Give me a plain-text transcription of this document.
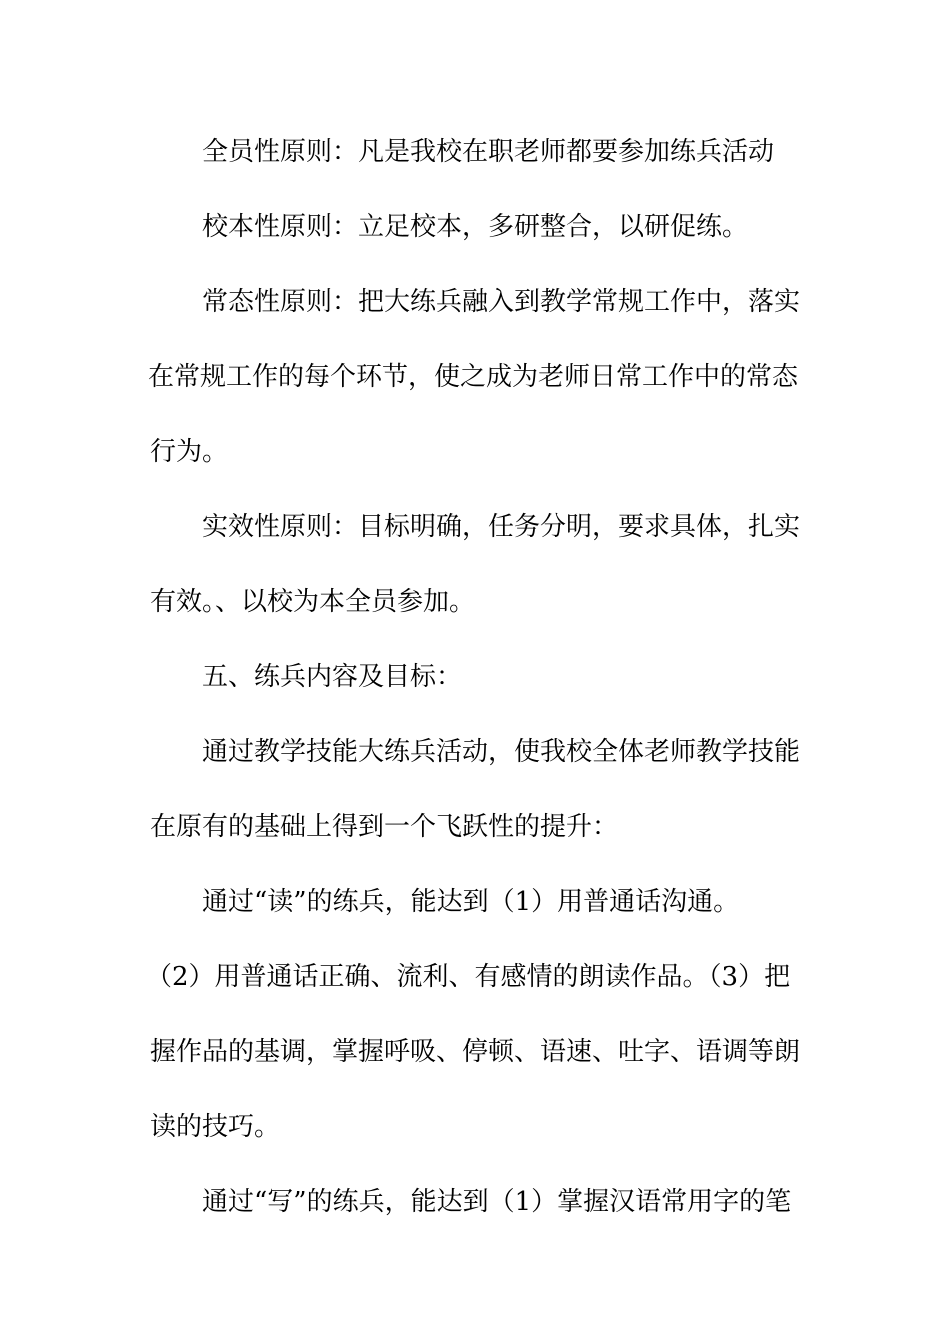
全员性原则：凡是我校在职老师都要参加练兵活动
校本性原则：立足校本，多研整合，以研促练。
常态性原则：把大练兵融入到教学常规工作中，落实
在常规工作的每个环节，使之成为老师日常工作中的常态
行为。
实效性原则：目标明确，任务分明，要求具体，扎实
有效。、以校为本全员参加。
五、练兵内容及目标：
通过教学技能大练兵活动，使我校全体老师教学技能
在原有的基础上得到一个飞跃性的提升：
通过“读”的练兵，能达到（1）用普通话沟通。
（2）用普通话正确、流利、有感情的朗读作品。（3）把
握作品的基调，掌握呼吸、停顿、语速、吐字、语调等朗
读的技巧。
通过“写”的练兵，能达到（1）掌握汉语常用字的笔
